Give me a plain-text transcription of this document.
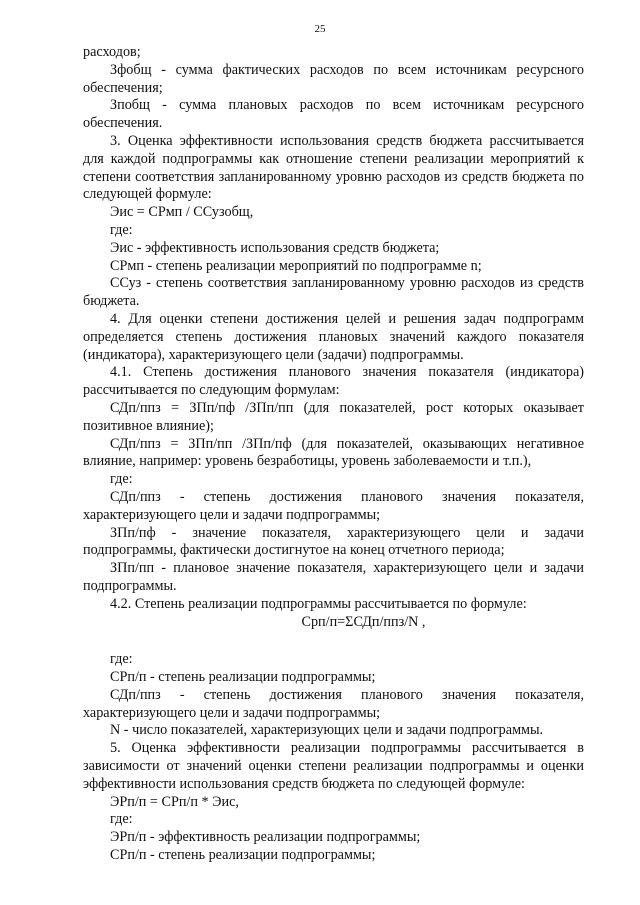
25

расходов;

Зфобщ - сумма фактических расходов по всем источникам ресурсного обеспечения;

Зпобщ - сумма плановых расходов по всем источникам ресурсного обеспечения.

3. Оценка эффективности использования средств бюджета рассчитывается для каждой подпрограммы как отношение степени реализации мероприятий к степени соответствия запланированному уровню расходов из средств бюджета по следующей формуле:

Эис = СРмп / ССузобщ,

где:

Эис - эффективность использования средств бюджета;

СРмп - степень реализации мероприятий по подпрограмме n;

ССуз - степень соответствия запланированному уровню расходов из средств бюджета.

4. Для оценки степени достижения целей и решения задач подпрограмм определяется степень достижения плановых значений каждого показателя (индикатора), характеризующего цели (задачи) подпрограммы.

4.1. Степень достижения планового значения показателя (индикатора) рассчитывается по следующим формулам:

СДп/ппз = ЗПп/пф /ЗПп/пп (для показателей, рост которых оказывает позитивное влияние);

СДп/ппз = ЗПп/пп /ЗПп/пф (для показателей, оказывающих негативное влияние, например: уровень безработицы, уровень заболеваемости и т.п.),

где:

СДп/ппз - степень достижения планового значения показателя, характеризующего цели и задачи подпрограммы;

ЗПп/пф - значение показателя, характеризующего цели и задачи подпрограммы, фактически достигнутое на конец отчетного периода;

ЗПп/пп - плановое значение показателя, характеризующего цели и задачи подпрограммы.

4.2. Степень реализации подпрограммы рассчитывается по формуле:

Срп/п=ΣСДп/ппз/N ,

где:

СРп/п - степень реализации подпрограммы;

СДп/ппз - степень достижения планового значения показателя, характеризующего цели и задачи подпрограммы;

N - число показателей, характеризующих цели и задачи подпрограммы.

5. Оценка эффективности реализации подпрограммы рассчитывается в зависимости от значений оценки степени реализации подпрограммы и оценки эффективности использования средств бюджета по следующей формуле:

ЭРп/п = СРп/п * Эис,

где:

ЭРп/п - эффективность реализации подпрограммы;

СРп/п - степень реализации подпрограммы;
